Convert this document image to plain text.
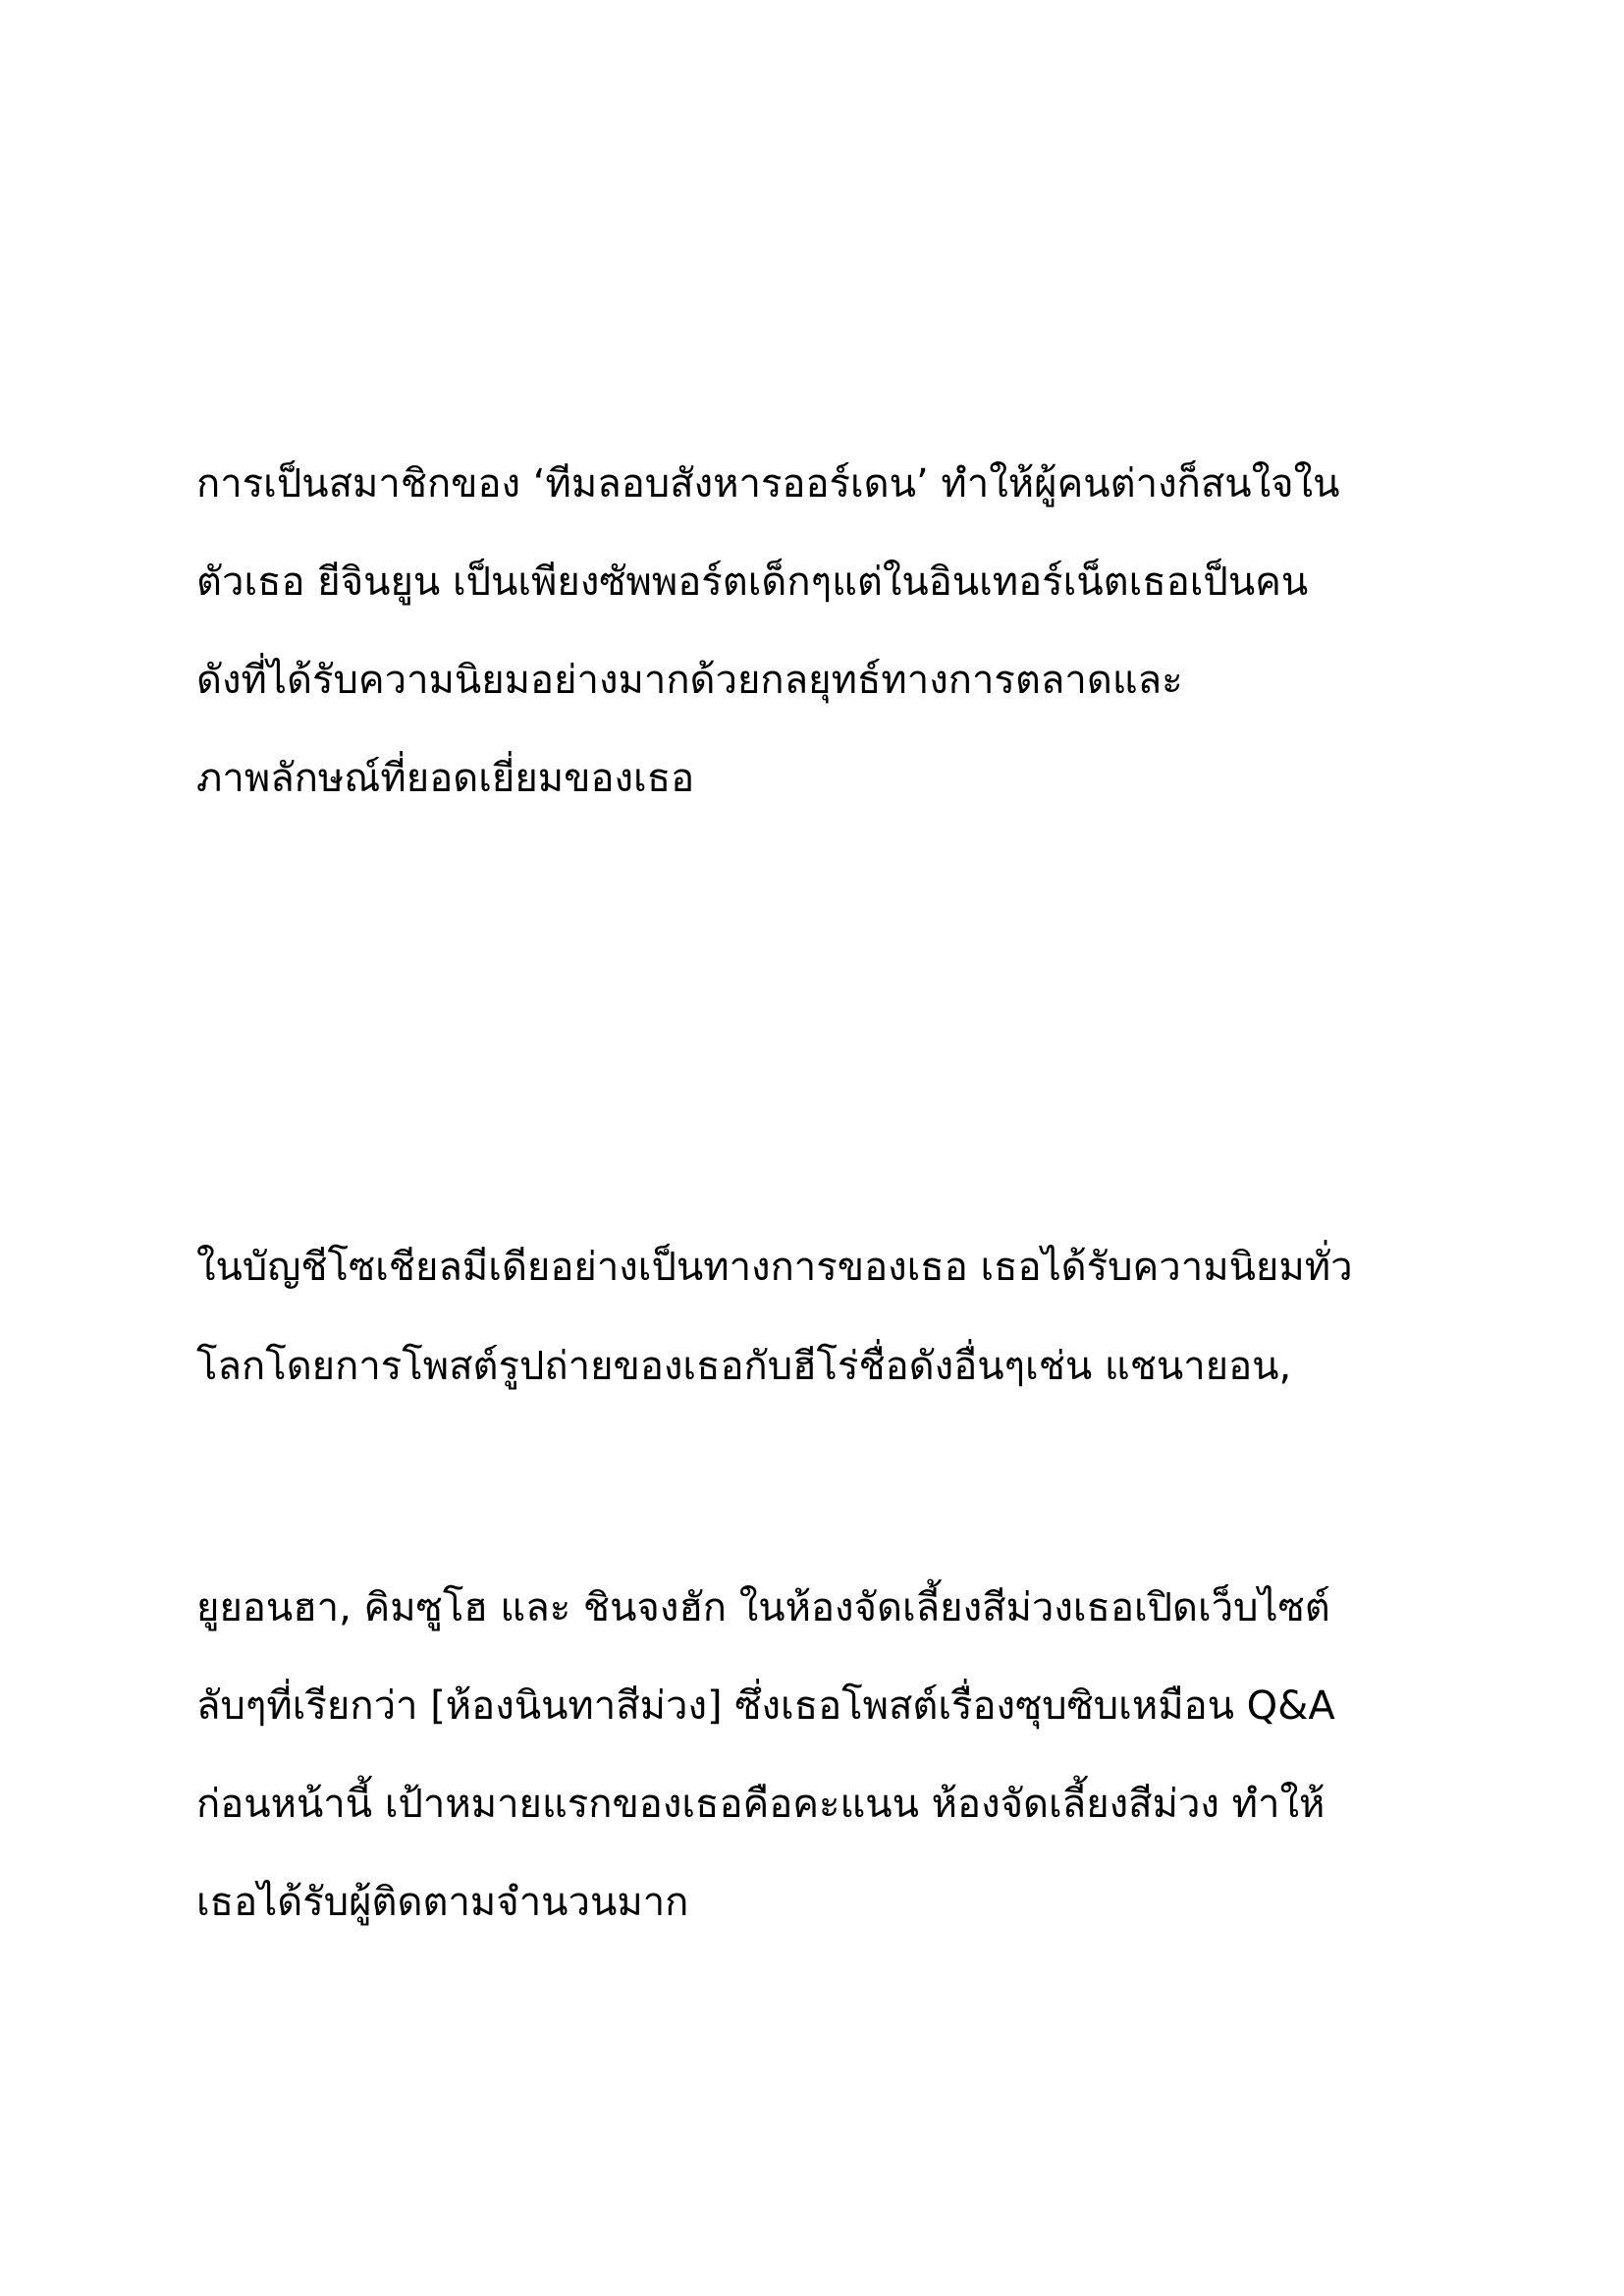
การเป็นสมาชิกของ ‘ทีมลอบสังหารออร์เดน’ ทำให้ผู้คนต่างก็สนใจใน
ตัวเธอ ยีจินยูน เป็นเพียงซัพพอร์ตเด็กๆแต่ในอินเทอร์เน็ตเธอเป็นคน
ดังที่ได้รับความนิยมอย่างมากด้วยกลยุทธ์ทางการตลาดและ
ภาพลักษณ์ที่ยอดเยี่ยมของเธอ
ในบัญชีโซเชียลมีเดียอย่างเป็นทางการของเธอ เธอได้รับความนิยมทั่ว
โลกโดยการโพสต์รูปถ่ายของเธอกับฮีโร่ชื่อดังอื่นๆเช่น แชนายอน,
ยูยอนฮา, คิมซูโฮ และ ชินจงฮัก ในห้องจัดเลี้ยงสีม่วงเธอเปิดเว็บไซต์
ลับๆที่เรียกว่า [ห้องนินทาสีม่วง] ซึ่งเธอโพสต์เรื่องซุบซิบเหมือน Q&A
ก่อนหน้านี้ เป้าหมายแรกของเธอคือคะแนน ห้องจัดเลี้ยงสีม่วง ทำให้
เธอได้รับผู้ติดตามจำนวนมาก
